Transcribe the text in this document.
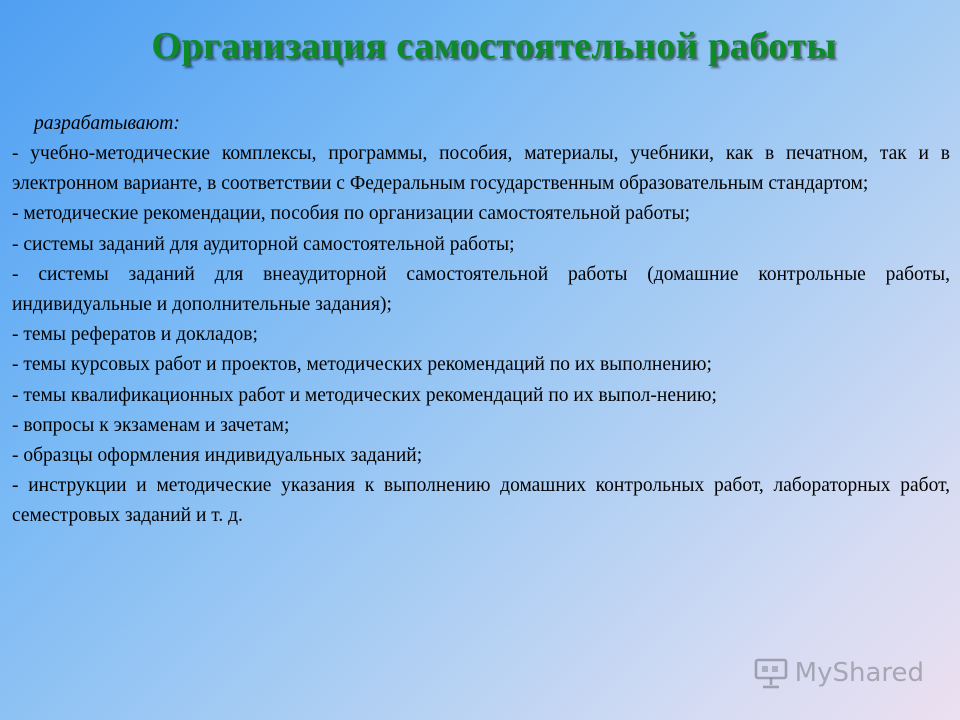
Организация самостоятельной работы

разрабатывают:

- учебно-методические комплексы, программы, пособия, материалы, учебники, как в печатном, так и в электронном варианте, в соответствии с Федеральным государственным образовательным стандартом;

- методические рекомендации, пособия по организации самостоятельной работы;

- системы заданий для аудиторной самостоятельной работы;

- системы заданий для внеаудиторной самостоятельной работы (домашние контрольные работы, индивидуальные и дополнительные задания);

- темы рефератов и докладов;

- темы курсовых работ и проектов, методических рекомендаций по их выполнению;

- темы квалификационных работ и методических рекомендаций по их выпол-нению;

- вопросы к экзаменам и зачетам;

- образцы оформления индивидуальных заданий;

- инструкции и методические указания к выполнению домашних контрольных работ, лабораторных работ, семестровых заданий и т. д.

MyShared
